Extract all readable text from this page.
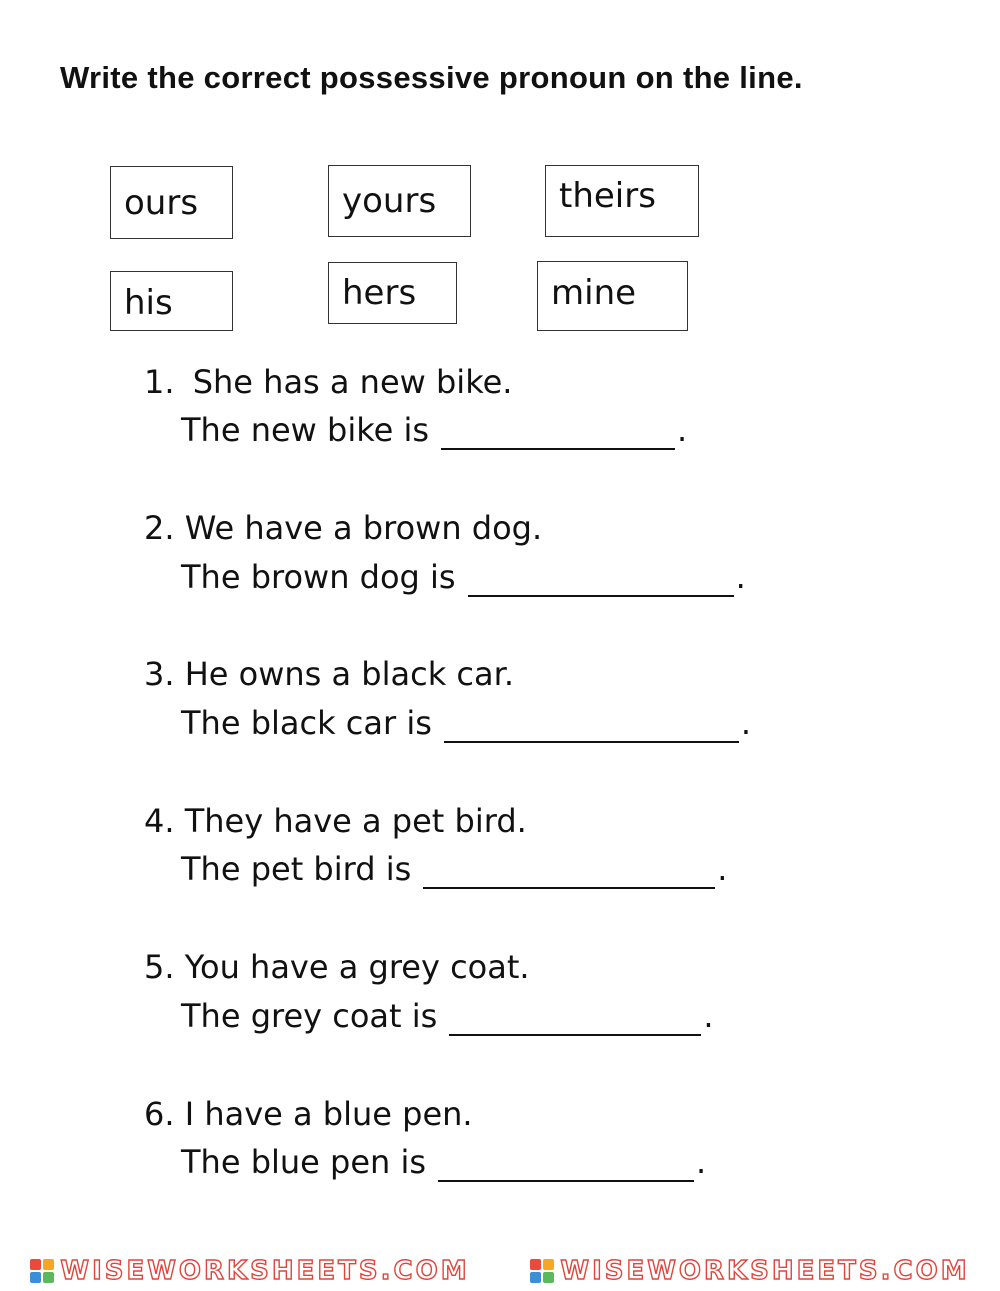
Write the correct possessive pronoun on the line.
ours	yours	theirs
his	hers	mine
1. She has a new bike.
The new bike is	.
2. We have a brown dog.
The brown dog is	.
3. He owns a black car.
The black car is	.
4. They have a pet bird.
The pet bird is	.
5. You have a grey coat.
The grey coat is	.
6. I have a blue pen.
The blue pen is	.
WISEWORKSHEETS.COM	WISEWORKSHEETS.COM
